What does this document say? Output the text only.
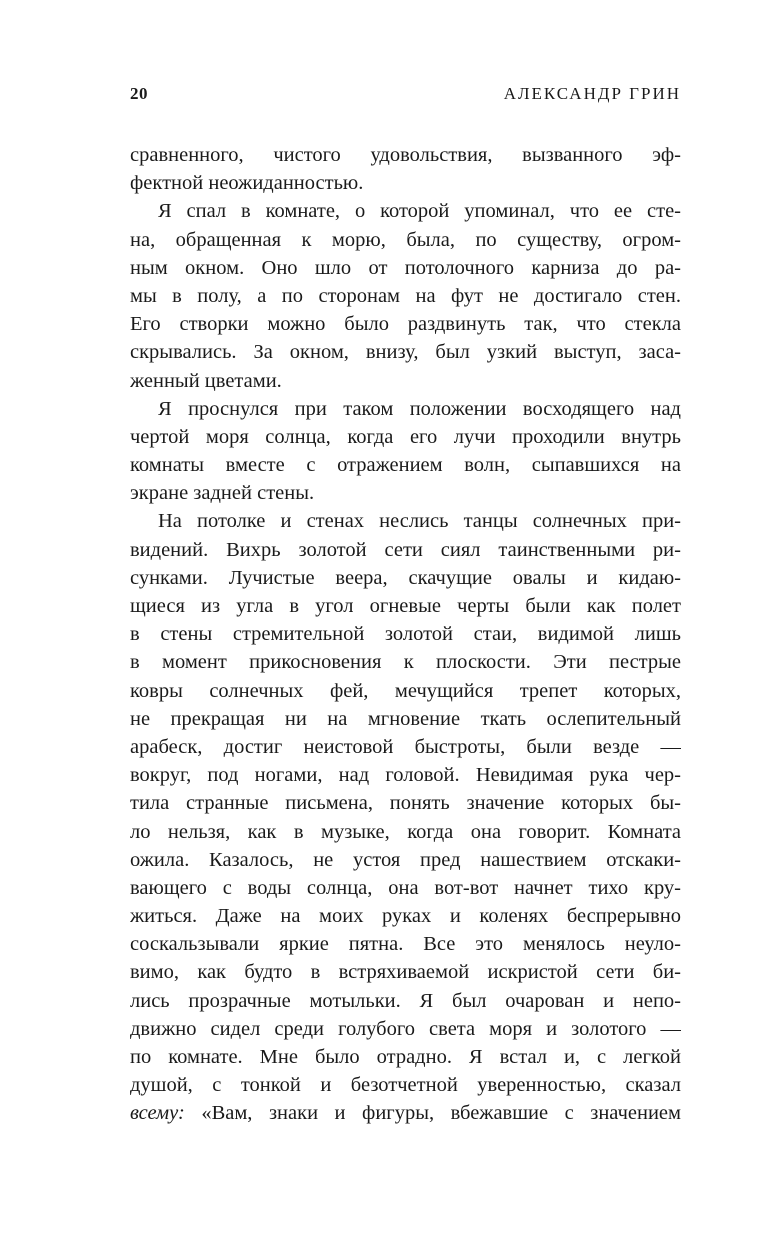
20	АЛЕКСАНДР ГРИН
сравненного, чистого удовольствия, вызванного эф-
фектной неожиданностью.
Я спал в комнате, о которой упоминал, что ее сте-
на, обращенная к морю, была, по существу, огром-
ным окном. Оно шло от потолочного карниза до ра-
мы в полу, а по сторонам на фут не достигало стен.
Его створки можно было раздвинуть так, что стекла
скрывались. За окном, внизу, был узкий выступ, заса-
женный цветами.
Я проснулся при таком положении восходящего над
чертой моря солнца, когда его лучи проходили внутрь
комнаты вместе с отражением волн, сыпавшихся на
экране задней стены.
На потолке и стенах неслись танцы солнечных при-
видений. Вихрь золотой сети сиял таинственными ри-
сунками. Лучистые веера, скачущие овалы и кидаю-
щиеся из угла в угол огневые черты были как полет
в стены стремительной золотой стаи, видимой лишь
в момент прикосновения к плоскости. Эти пестрые
ковры солнечных фей, мечущийся трепет которых,
не прекращая ни на мгновение ткать ослепительный
арабеск, достиг неистовой быстроты, были везде —
вокруг, под ногами, над головой. Невидимая рука чер-
тила странные письмена, понять значение которых бы-
ло нельзя, как в музыке, когда она говорит. Комната
ожила. Казалось, не устоя пред нашествием отскаки-
вающего с воды солнца, она вот-вот начнет тихо кру-
житься. Даже на моих руках и коленях беспрерывно
соскальзывали яркие пятна. Все это менялось неуло-
вимо, как будто в встряхиваемой искристой сети би-
лись прозрачные мотыльки. Я был очарован и непо-
движно сидел среди голубого света моря и золотого —
по комнате. Мне было отрадно. Я встал и, с легкой
душой, с тонкой и безотчетной уверенностью, сказал
всему: «Вам, знаки и фигуры, вбежавшие с значением
